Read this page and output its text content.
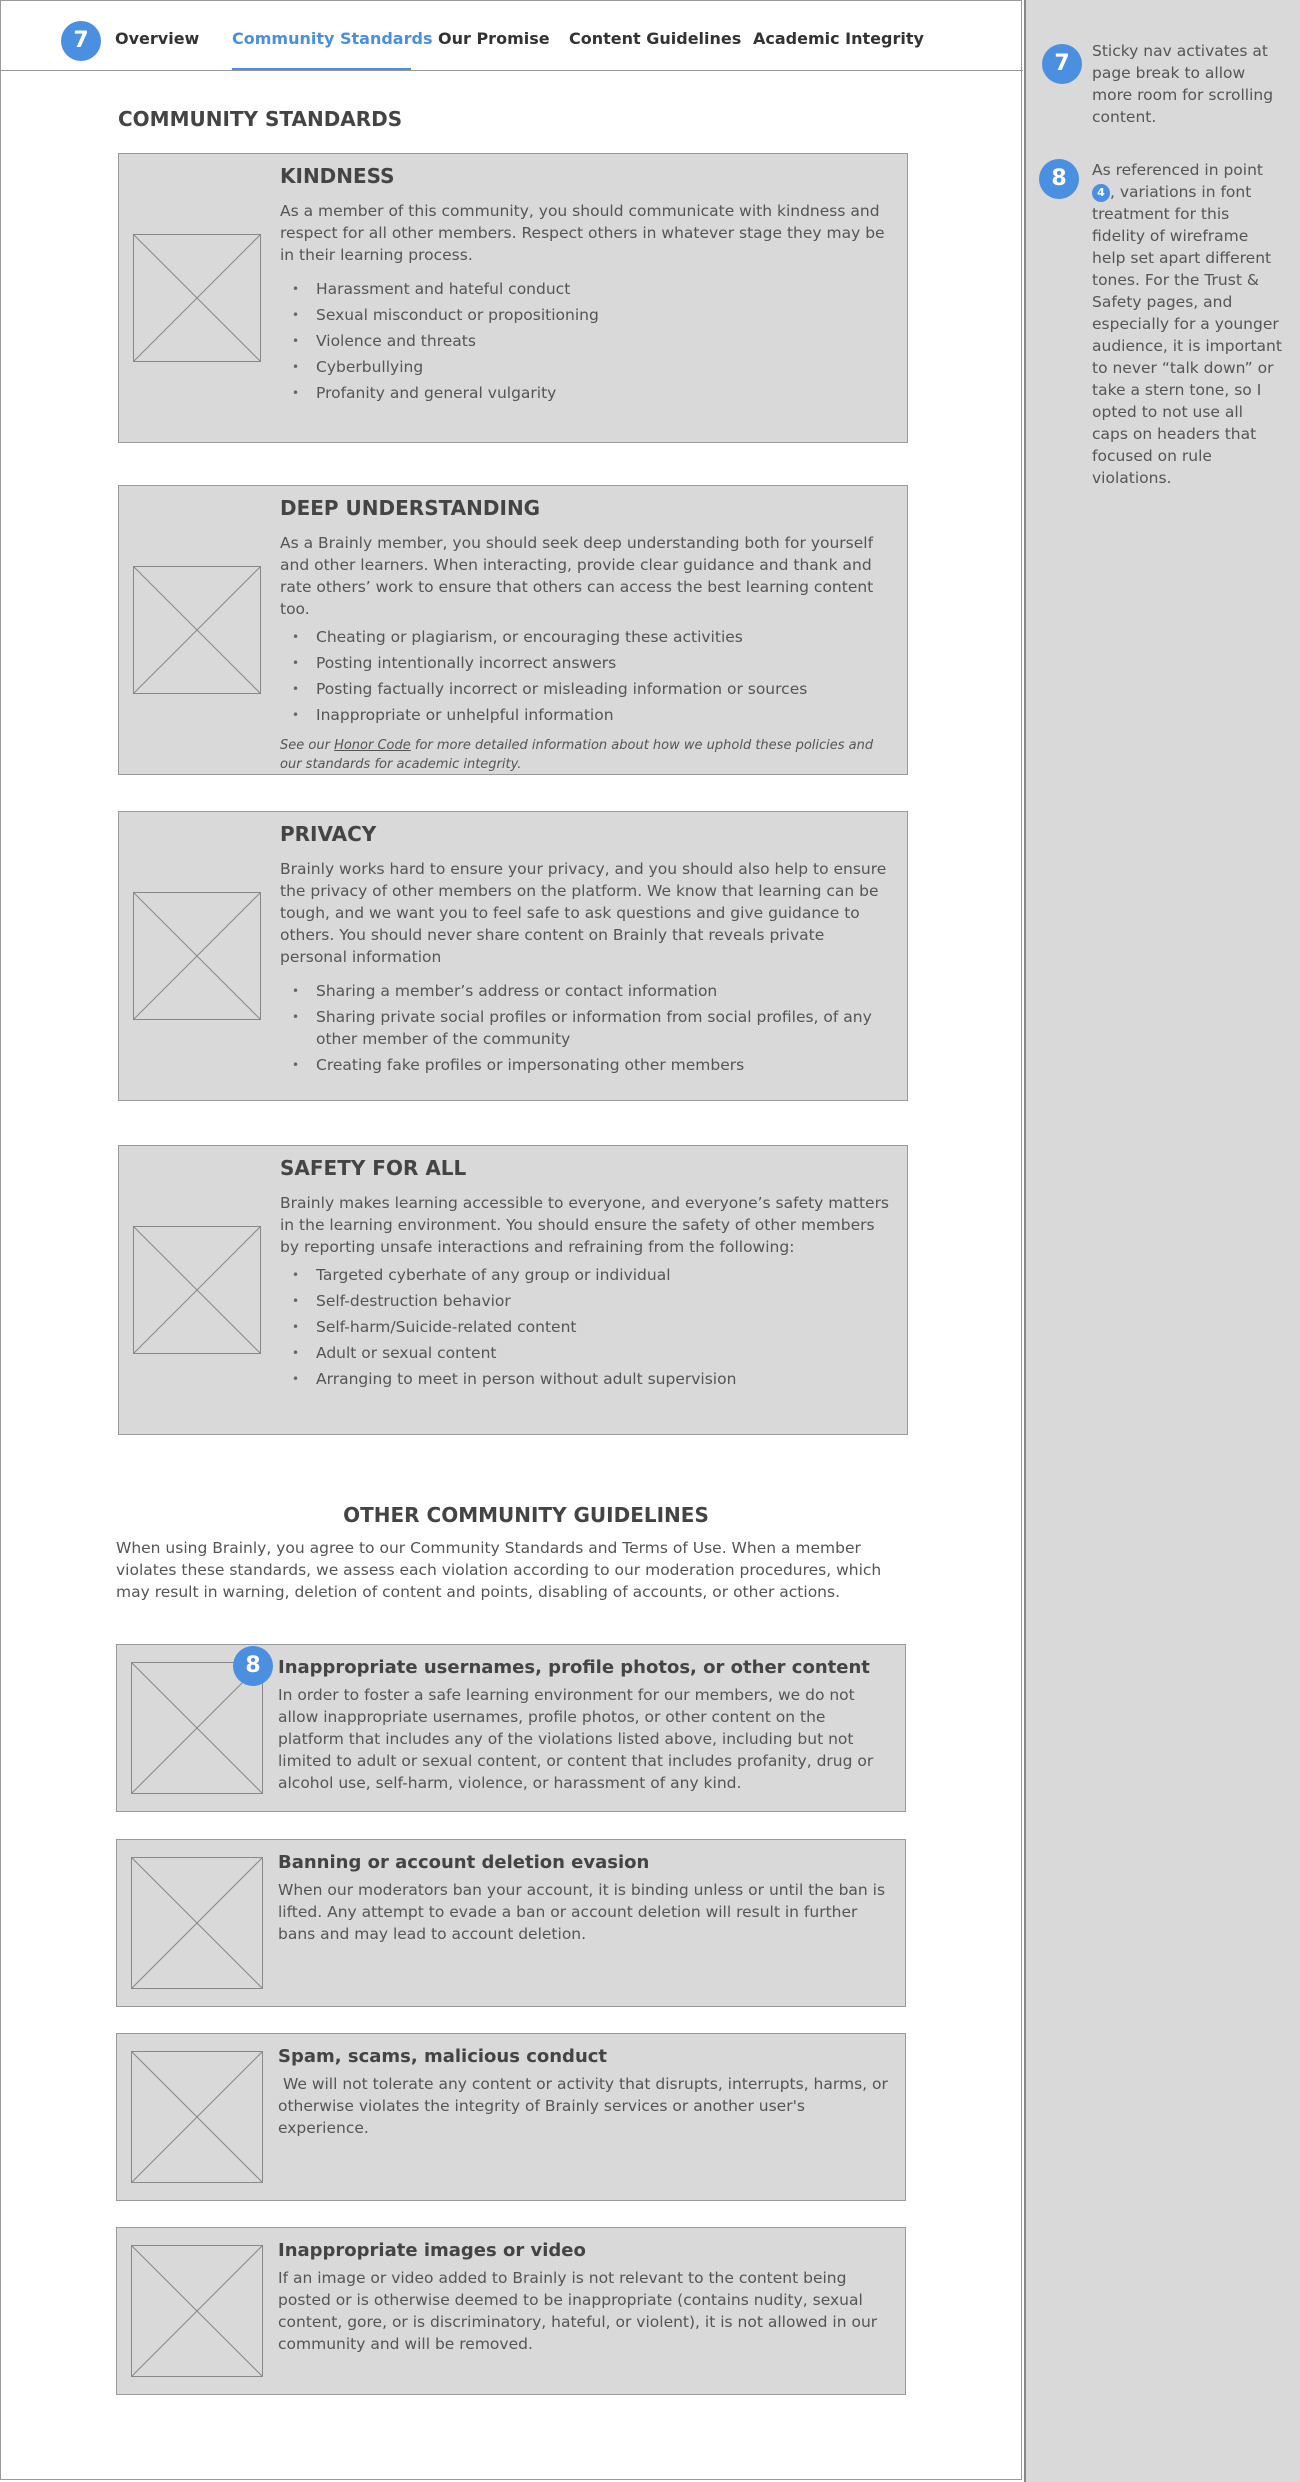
7	Overview Community Standards Our Promise Content Guidelines Academic Integrity
COMMUNITY STANDARDS
KINDNESS

As a member of this community, you should communicate with kindness and respect for all other members. Respect others in whatever stage they may be in their learning process.

• Harassment and hateful conduct
• Sexual misconduct or propositioning
• Violence and threats
• Cyberbullying
• Profanity and general vulgarity
DEEP UNDERSTANDING

As a Brainly member, you should seek deep understanding both for yourself and other learners. When interacting, provide clear guidance and thank and rate others’ work to ensure that others can access the best learning content too.

• Cheating or plagiarism, or encouraging these activities
• Posting intentionally incorrect answers
• Posting factually incorrect or misleading information or sources
• Inappropriate or unhelpful information
See our Honor Code for more detailed information about how we uphold these policies and our standards for academic integrity.
PRIVACY

Brainly works hard to ensure your privacy, and you should also help to ensure the privacy of other members on the platform. We know that learning can be tough, and we want you to feel safe to ask questions and give guidance to others. You should never share content on Brainly that reveals private personal information

• Sharing a member’s address or contact information
• Sharing private social profiles or information from social profiles, of any other member of the community
• Creating fake profiles or impersonating other members
SAFETY FOR ALL

Brainly makes learning accessible to everyone, and everyone’s safety matters in the learning environment. You should ensure the safety of other members by reporting unsafe interactions and refraining from the following:

• Targeted cyberhate of any group or individual
• Self-destruction behavior
• Self-harm/Suicide-related content
• Adult or sexual content
• Arranging to meet in person without adult supervision
OTHER COMMUNITY GUIDELINES
When using Brainly, you agree to our Community Standards and Terms of Use. When a member violates these standards, we assess each violation according to our moderation procedures, which may result in warning, deletion of content and points, disabling of accounts, or other actions.
8 Inappropriate usernames, profile photos, or other content

In order to foster a safe learning environment for our members, we do not allow inappropriate usernames, profile photos, or other content on the platform that includes any of the violations listed above, including but not limited to adult or sexual content, or content that includes profanity, drug or alcohol use, self-harm, violence, or harassment of any kind.

Banning or account deletion evasion

When our moderators ban your account, it is binding unless or until the ban is lifted. Any attempt to evade a ban or account deletion will result in further bans and may lead to account deletion.

Spam, scams, malicious conduct

We will not tolerate any content or activity that disrupts, interrupts, harms, or otherwise violates the integrity of Brainly services or another user's experience.

Inappropriate images or video

If an image or video added to Brainly is not relevant to the content being posted or is otherwise deemed to be inappropriate (contains nudity, sexual content, gore, or is discriminatory, hateful, or violent), it is not allowed in our community and will be removed.

7	Sticky nav activates at page break to allow more room for scrolling content.
8	As referenced in point 4 , variations in font treatment for this fidelity of wireframe help set apart different tones. For the Trust & Safety pages, and especially for a younger audience, it is important to never “talk down” or take a stern tone, so I opted to not use all caps on headers that focused on rule violations.
